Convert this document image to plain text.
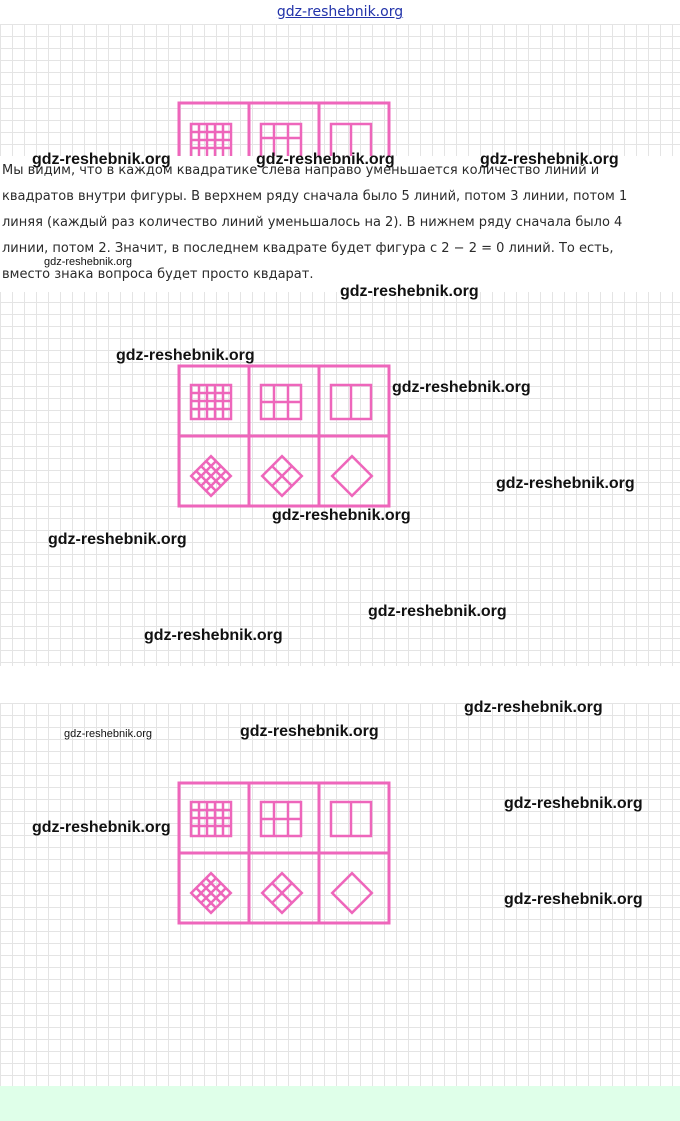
gdz-reshebnik.org
Мы видим, что в каждом квадратике слева направо уменьшается количество линий и
квадратов внутри фигуры. В верхнем ряду сначала было 5 линий, потом 3 линии, потом 1
линяя (каждый раз количество линий уменьшалось на 2). В нижнем ряду сначала было 4
линии, потом 2. Значит, в последнем квадрате будет фигура с 2 − 2 = 0 линий. То есть,
вместо знака вопроса будет просто квдарат.
gdz-reshebnik.org	gdz-reshebnik.org	gdz-reshebnik.org
gdz-reshebnik.org
gdz-reshebnik.org
gdz-reshebnik.org
gdz-reshebnik.org
gdz-reshebnik.org
gdz-reshebnik.org
gdz-reshebnik.org
gdz-reshebnik.org
gdz-reshebnik.org
gdz-reshebnik.org
gdz-reshebnik.org	gdz-reshebnik.org
gdz-reshebnik.org
gdz-reshebnik.org
gdz-reshebnik.org
